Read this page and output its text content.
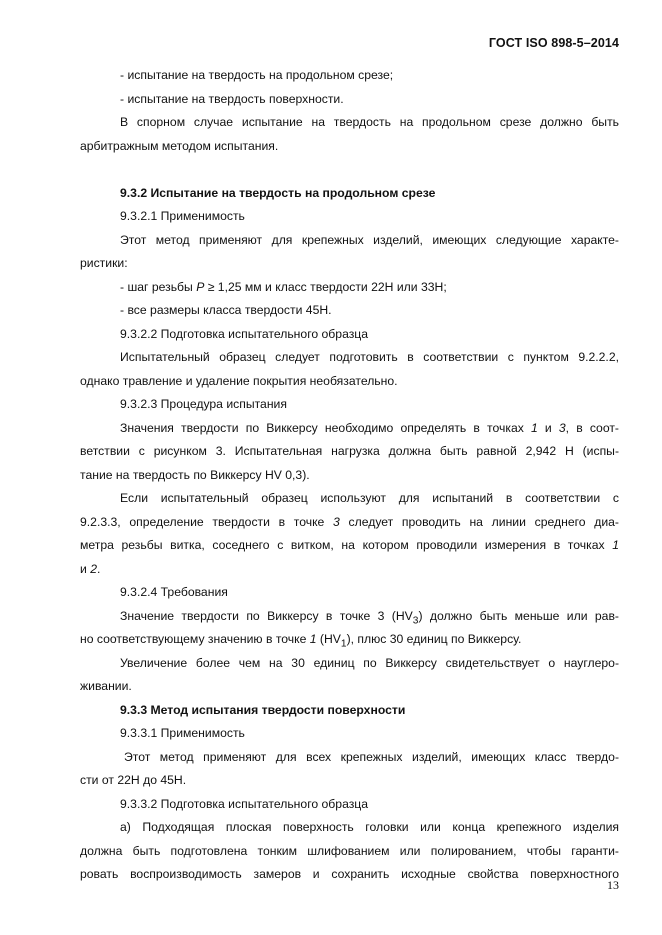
ГОСТ ISO 898-5–2014
- испытание на твердость на продольном срезе;
- испытание на твердость поверхности.
В спорном случае испытание на твердость на продольном срезе должно быть
арбитражным методом испытания.
9.3.2 Испытание на твердость на продольном срезе
9.3.2.1 Применимость
Этот метод применяют для крепежных изделий, имеющих следующие характе-
ристики:
- шаг резьбы P ≥ 1,25 мм и класс твердости 22H или 33H;
- все размеры класса твердости 45H.
9.3.2.2 Подготовка испытательного образца
Испытательный образец следует подготовить в соответствии с пунктом 9.2.2.2,
однако травление и удаление покрытия необязательно.
9.3.2.3 Процедура испытания
Значения твердости по Виккерсу необходимо определять в точках 1 и 3, в соот-
ветствии с рисунком 3. Испытательная нагрузка должна быть равной 2,942 Н (испы-
тание на твердость по Виккерсу HV 0,3).
Если испытательный образец используют для испытаний в соответствии с
9.2.3.3, определение твердости в точке 3 следует проводить на линии среднего диа-
метра резьбы витка, соседнего с витком, на котором проводили измерения в точках 1
и 2.
9.3.2.4 Требования
Значение твердости по Виккерсу в точке 3 $(HV_3)$ должно быть меньше или рав-
но соответствующему значению в точке 1 $(HV_1)$, плюс 30 единиц по Виккерсу.
Увеличение более чем на 30 единиц по Виккерсу свидетельствует о науглеро-
живании.
9.3.3 Метод испытания твердости поверхности
9.3.3.1 Применимость
Этот метод применяют для всех крепежных изделий, имеющих класс твердо-
сти от 22H до 45H.
9.3.3.2 Подготовка испытательного образца
а) Подходящая плоская поверхность головки или конца крепежного изделия
должна быть подготовлена тонким шлифованием или полированием, чтобы гаранти-
ровать воспроизводимость замеров и сохранить исходные свойства поверхностного
13
